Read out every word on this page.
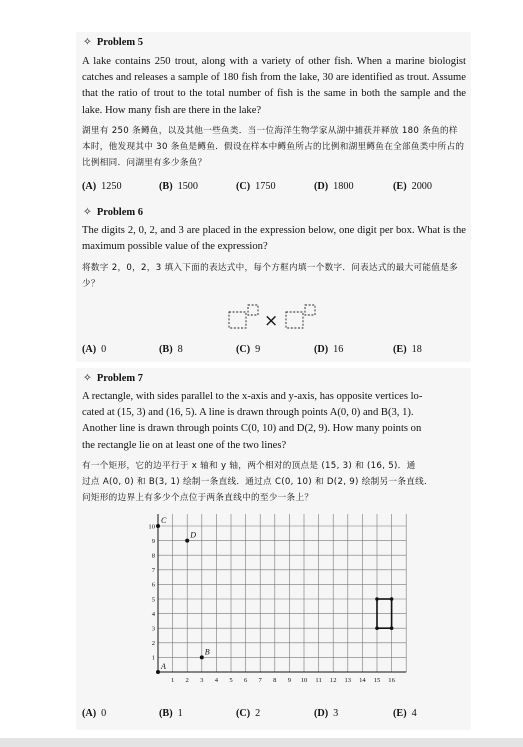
✧ Problem 5
A lake contains 250 trout, along with a variety of other fish. When a marine biologist catches and releases a sample of 180 fish from the lake, 30 are identified as trout. Assume that the ratio of trout to the total number of fish is the same in both the sample and the lake. How many fish are there in the lake?
湖里有 250 条鳟鱼，以及其他一些鱼类．当一位海洋生物学家从湖中捕获并释放 180 条鱼的样本时，他发现其中 30 条鱼是鳟鱼．假设在样本中鳟鱼所占的比例和湖里鳟鱼在全部鱼类中所占的比例相同．问湖里有多少条鱼？
(A) 1250	(B) 1500	(C) 1750	(D) 1800	(E) 2000
✧ Problem 6
The digits 2, 0, 2, and 3 are placed in the expression below, one digit per box. What is the maximum possible value of the expression?
将数字 2，0，2，3 填入下面的表达式中，每个方框内填一个数字．问表达式的最大可能值是多少？
×
(A) 0	(B) 8	(C) 9	(D) 16	(E) 18
✧ Problem 7
A rectangle, with sides parallel to the x-axis and y-axis, has opposite vertices lo-
cated at (15, 3) and (16, 5). A line is drawn through points A(0, 0) and B(3, 1).
Another line is drawn through points C(0, 10) and D(2, 9). How many points on
the rectangle lie on at least one of the two lines?
有一个矩形，它的边平行于 x 轴和 y 轴，两个相对的顶点是 (15, 3) 和 (16, 5)．通
过点 A(0, 0) 和 B(3, 1) 绘制一条直线．通过点 C(0, 10) 和 D(2, 9) 绘制另一条直线．
问矩形的边界上有多少个点位于两条直线中的至少一条上？
1 2 3 4 5 6 7 8 9 10 11 12 13 14 15 16
1
2
3
4
5
6
7
8
9
10
A
B
C
D
(A) 0	(B) 1	(C) 2	(D) 3	(E) 4
